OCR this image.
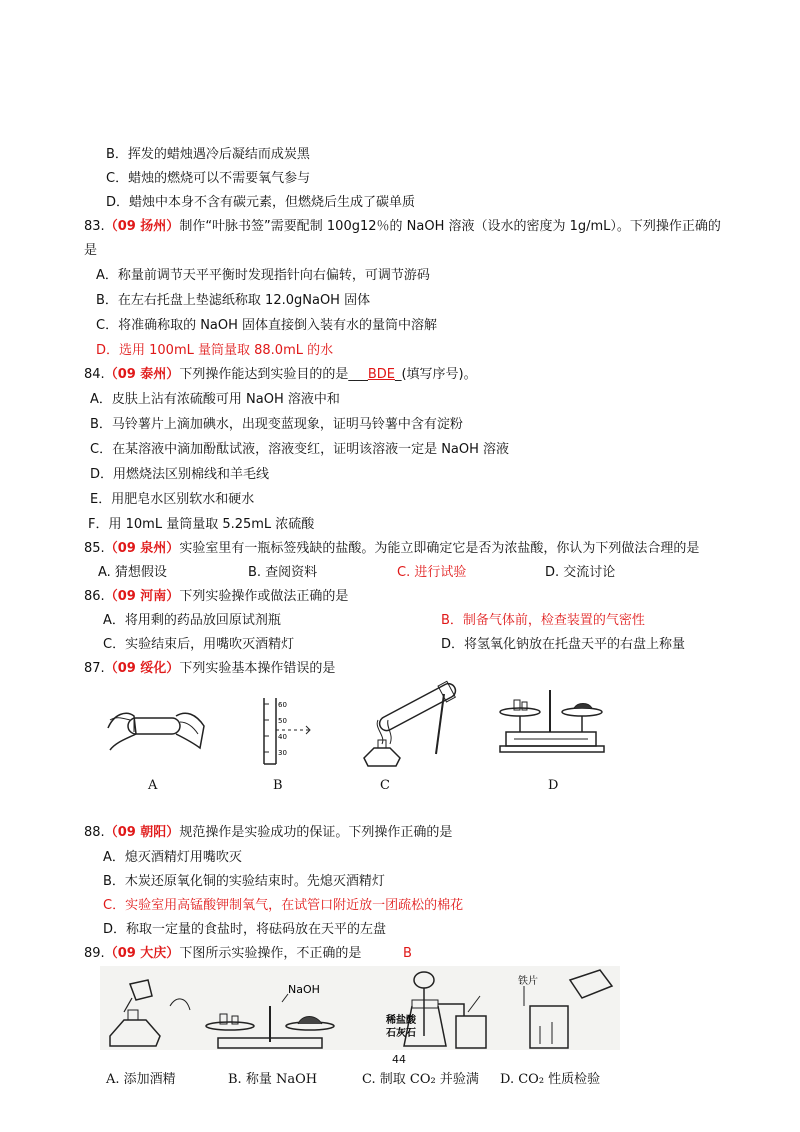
B．挥发的蜡烛遇冷后凝结而成炭黑
C．蜡烛的燃烧可以不需要氧气参与
D．蜡烛中本身不含有碳元素，但燃烧后生成了碳单质
83.（09 扬州）制作“叶脉书签”需要配制 100g12％的 NaOH 溶液（设水的密度为 1g/mL）。下列操作正确的
是
A．称量前调节天平平衡时发现指针向右偏转，可调节游码
B．在左右托盘上垫滤纸称取 12.0gNaOH 固体
C．将准确称取的 NaOH 固体直接倒入装有水的量筒中溶解
D．选用 100mL 量筒量取 88.0mL 的水
84.（09 泰州）下列操作能达到实验目的的是___BDE_(填写序号)。
A．皮肤上沾有浓硫酸可用 NaOH 溶液中和
B．马铃薯片上滴加碘水，出现变蓝现象，证明马铃薯中含有淀粉
C．在某溶液中滴加酚酞试液，溶液变红，证明该溶液一定是 NaOH 溶液
D．用燃烧法区别棉线和羊毛线
E．用肥皂水区别软水和硬水
F．用 10mL 量筒量取 5.25mL 浓硫酸
85.（09 泉州）实验室里有一瓶标签残缺的盐酸。为能立即确定它是否为浓盐酸，你认为下列做法合理的是
A. 猜想假设	B. 查阅资料	C. 进行试验	D. 交流讨论
86.（09 河南）下列实验操作或做法正确的是
A．将用剩的药品放回原试剂瓶	B．制备气体前，检查装置的气密性
C．实验结束后，用嘴吹灭酒精灯	D．将氢氧化钠放在托盘天平的右盘上称量
87.（09 绥化）下列实验基本操作错误的是
A
60
50
40
30
B	C	D
88.（09 朝阳）规范操作是实验成功的保证。下列操作正确的是
A．熄灭酒精灯用嘴吹灭
B．木炭还原氧化铜的实验结束时。先熄灭酒精灯
C．实验室用高锰酸钾制氧气，在试管口附近放一团疏松的棉花
D．称取一定量的食盐时，将砝码放在天平的左盘
89.（09 大庆）下图所示实验操作，不正确的是	B
NaOH
稀盐酸
石灰石
铁片
A. 添加酒精	B. 称量 NaOH	C. 制取 CO₂ 并验满 D. CO₂ 性质检验
44
